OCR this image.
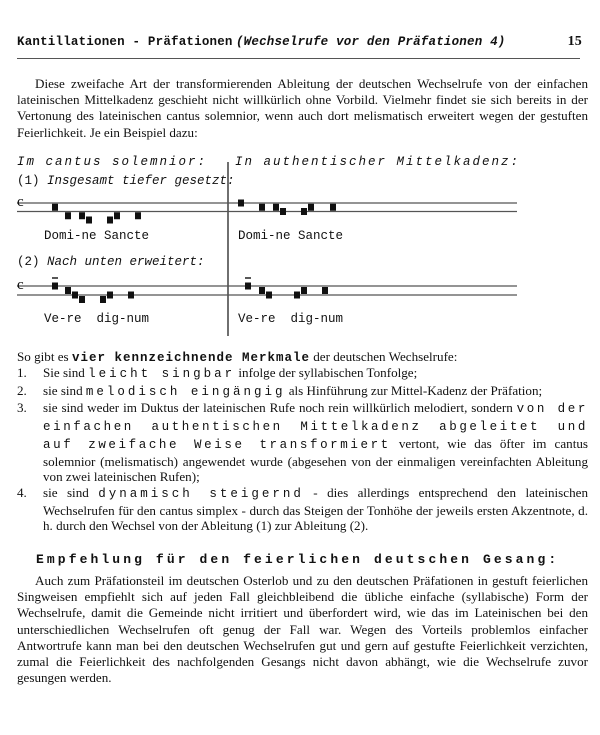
Kantillationen - Präfationen (Wechselrufe vor den Präfationen 4)	15

Diese zweifache Art der transformierenden Ableitung der deutschen Wechselrufe von der einfachen lateinischen Mittelkadenz geschieht nicht willkürlich ohne Vorbild. Vielmehr findet sie sich bereits in der Vertonung des lateinischen cantus solemnior, wenn auch dort melismatisch erweitert wegen der gestuften Feierlichkeit. Je ein Beispiel dazu:

Im cantus solemnior: In authentischer Mittelkadenz:
(1) Insgesamt tiefer gesetzt:
(2) Nach unten erweitert:
Domi-ne Sancte	Domi-ne Sancte
Ve-re  dig-num	Ve-re  dig-num
c
c

So gibt es vier kennzeichnende Merkmale der deutschen Wechselrufe:

1. Sie sind leicht singbar infolge der syllabischen Tonfolge;
2. sie sind melodisch eingängig als Hinführung zur Mittel-Kadenz der Präfation;
3. sie sind weder im Duktus der lateinischen Rufe noch rein willkürlich melodiert, sondern von der einfachen authentischen Mittelkadenz abgeleitet und auf zweifache Weise transformiert vertont, wie das öfter im cantus solemnior (melismatisch) angewendet wurde (abgesehen von der einmaligen vereinfachten Ableitung von zwei lateinischen Rufen);
4. sie sind dynamisch steigernd - dies allerdings entsprechend den lateinischen Wechselrufen für den cantus simplex - durch das Steigen der Tonhöhe der jeweils ersten Akzentnote, d. h. durch den Wechsel von der Ableitung (1) zur Ableitung (2).
Empfehlung für den feierlichen deutschen Gesang:

Auch zum Präfationsteil im deutschen Osterlob und zu den deutschen Präfationen in gestuft feierlichen Singweisen empfiehlt sich auf jeden Fall gleichbleibend die übliche einfache (syllabische) Form der Wechselrufe, damit die Gemeinde nicht irritiert und überfordert wird, wie das im Lateinischen bei den unterschiedlichen Wechselrufen oft genug der Fall war. Wegen des Vorteils problemlos einfacher Antwortrufe kann man bei den deutschen Wechselrufen gut und gern auf gestufte Feierlichkeit verzichten, zumal die Feierlichkeit des nachfolgenden Gesangs nicht davon abhängt, wie die Wechselrufe zuvor gesungen werden.
